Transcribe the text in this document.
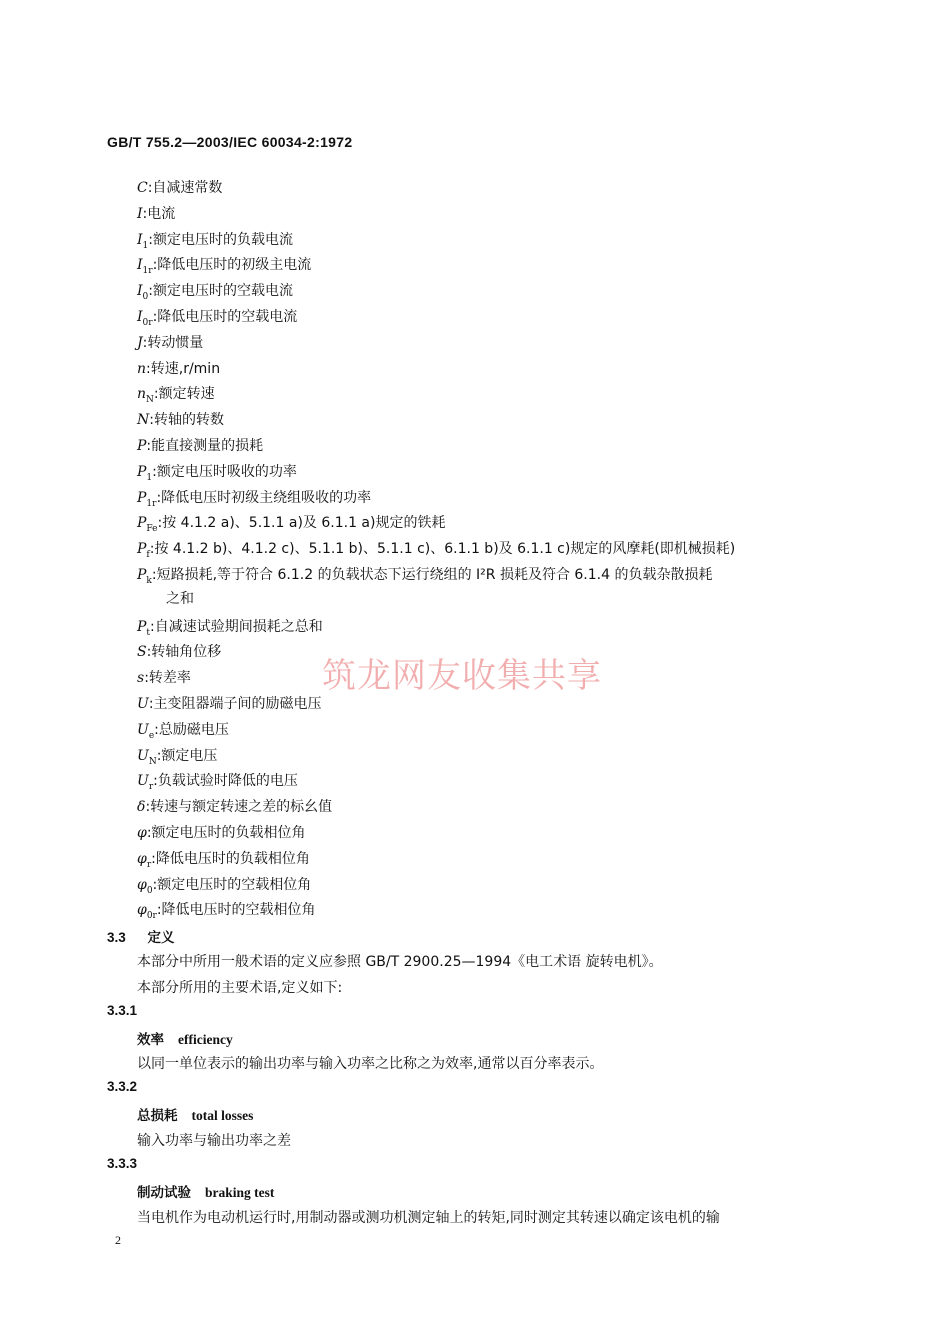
GB/T 755.2—2003/IEC 60034-2:1972
C:自减速常数
I:电流
$I_1$:额定电压时的负载电流
$I_{1r}$:降低电压时的初级主电流
$I_0$:额定电压时的空载电流
$I_{0r}$:降低电压时的空载电流
J:转动惯量
n:转速,r/min
$n_N$:额定转速
N:转轴的转数
P:能直接测量的损耗
$P_1$:额定电压时吸收的功率
$P_{1r}$:降低电压时初级主绕组吸收的功率
$P_{Fe}$:按 4.1.2 a)、5.1.1 a)及 6.1.1 a)规定的铁耗
$P_f$:按 4.1.2 b)、4.1.2 c)、5.1.1 b)、5.1.1 c)、6.1.1 b)及 6.1.1 c)规定的风摩耗(即机械损耗)
$P_k$:短路损耗,等于符合 6.1.2 的负载状态下运行绕组的 I²R 损耗及符合 6.1.4 的负载杂散损耗
之和
$P_t$:自减速试验期间损耗之总和
S:转轴角位移
s:转差率
U:主变阻器端子间的励磁电压
$U_e$:总励磁电压
$U_N$:额定电压
$U_r$:负载试验时降低的电压
δ:转速与额定转速之差的标幺值
φ:额定电压时的负载相位角
$\varphi_r$:降低电压时的负载相位角
$\varphi_0$:额定电压时的空载相位角
$\varphi_{0r}$:降低电压时的空载相位角
3.3 定义
本部分中所用一般术语的定义应参照 GB/T 2900.25—1994《电工术语 旋转电机》。
本部分所用的主要术语,定义如下:
3.3.1
效率 efficiency
以同一单位表示的输出功率与输入功率之比称之为效率,通常以百分率表示。
3.3.2
总损耗 total losses
输入功率与输出功率之差
3.3.3
制动试验 braking test
当电机作为电动机运行时,用制动器或测功机测定轴上的转矩,同时测定其转速以确定该电机的输
筑龙网友收集共享
2
